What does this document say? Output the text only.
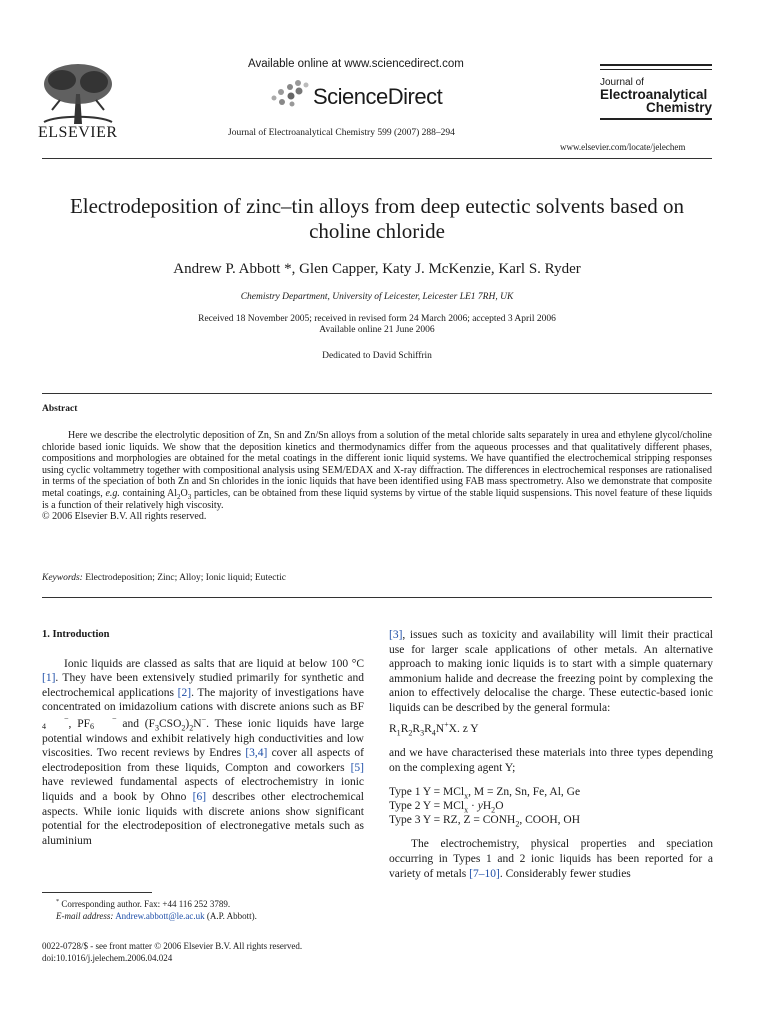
ELSEVIER
Available online at www.sciencedirect.com
ScienceDirect
Journal of Electroanalytical Chemistry 599 (2007) 288–294
Journal of
Electroanalytical
Chemistry
www.elsevier.com/locate/jelechem
Electrodeposition of zinc–tin alloys from deep eutectic solvents based on choline chloride
Andrew P. Abbott *, Glen Capper, Katy J. McKenzie, Karl S. Ryder
Chemistry Department, University of Leicester, Leicester LE1 7RH, UK
Received 18 November 2005; received in revised form 24 March 2006; accepted 3 April 2006
Available online 21 June 2006
Dedicated to David Schiffrin
Abstract

Here we describe the electrolytic deposition of Zn, Sn and Zn/Sn alloys from a solution of the metal chloride salts separately in urea and ethylene glycol/choline chloride based ionic liquids. We show that the deposition kinetics and thermodynamics differ from the aqueous processes and that qualitatively different phases, compositions and morphologies are obtained for the metal coatings in the different ionic liquid systems. We have quantified the electrochemical stripping responses using cyclic voltammetry together with compositional analysis using SEM/EDAX and X-ray diffraction. The differences in electrochemical responses are rationalised in terms of the speciation of both Zn and Sn chlorides in the ionic liquids that have been identified using FAB mass spectrometry. Also we demonstrate that composite metal coatings, e.g. containing $Al_2O_3$ particles, can be obtained from these liquid systems by virtue of the stable liquid suspensions. This novel feature of these liquids is a function of their relatively high viscosity.

© 2006 Elsevier B.V. All rights reserved.

Keywords: Electrodeposition; Zinc; Alloy; Ionic liquid; Eutectic
1. Introduction

Ionic liquids are classed as salts that are liquid at below 100 °C [1]. They have been extensively studied primarily for synthetic and electrochemical applications [2]. The majority of investigations have concentrated on imidazolium cations with discrete anions such as BF−
4 , PF	−
6 and $(F_3CSO_2)_2N^-$. These ionic liquids have large potential windows and exhibit relatively high conductivities and low viscosities. Two recent reviews by Endres [3,4] cover all aspects of electrodeposition from these liquids, Compton and coworkers [5] have reviewed fundamental aspects of electrochemistry in ionic liquids and a book by Ohno [6] describes other electrochemical aspects. While ionic liquids with discrete anions show significant potential for the electrodeposition of electronegative metals such as aluminium

[3], issues such as toxicity and availability will limit their practical use for larger scale applications of other metals. An alternative approach to making ionic liquids is to start with a simple quaternary ammonium halide and decrease the freezing point by complexing the anion to effectively delocalise the charge. These eutectic-based ionic liquids can be described by the general formula:

$R_1R_2R_3R_4N^+X$. z Y

and we have characterised these materials into three types depending on the complexing agent Y;

Type 1 Y = MCl$_x$, M = Zn, Sn, Fe, Al, Ge
Type 2 $Y = MCl_x \cdot yH_2O$
Type 3 Y = RZ, $Z = CONH_2$, COOH, OH

The electrochemistry, physical properties and speciation occurring in Types 1 and 2 ionic liquids has been reported for a variety of metals [7–10]. Considerably fewer studies

* Corresponding author. Fax: +44 116 252 3789.
E-mail address: Andrew.abbott@le.ac.uk (A.P. Abbott).
0022-0728/$ - see front matter © 2006 Elsevier B.V. All rights reserved.
doi:10.1016/j.jelechem.2006.04.024
